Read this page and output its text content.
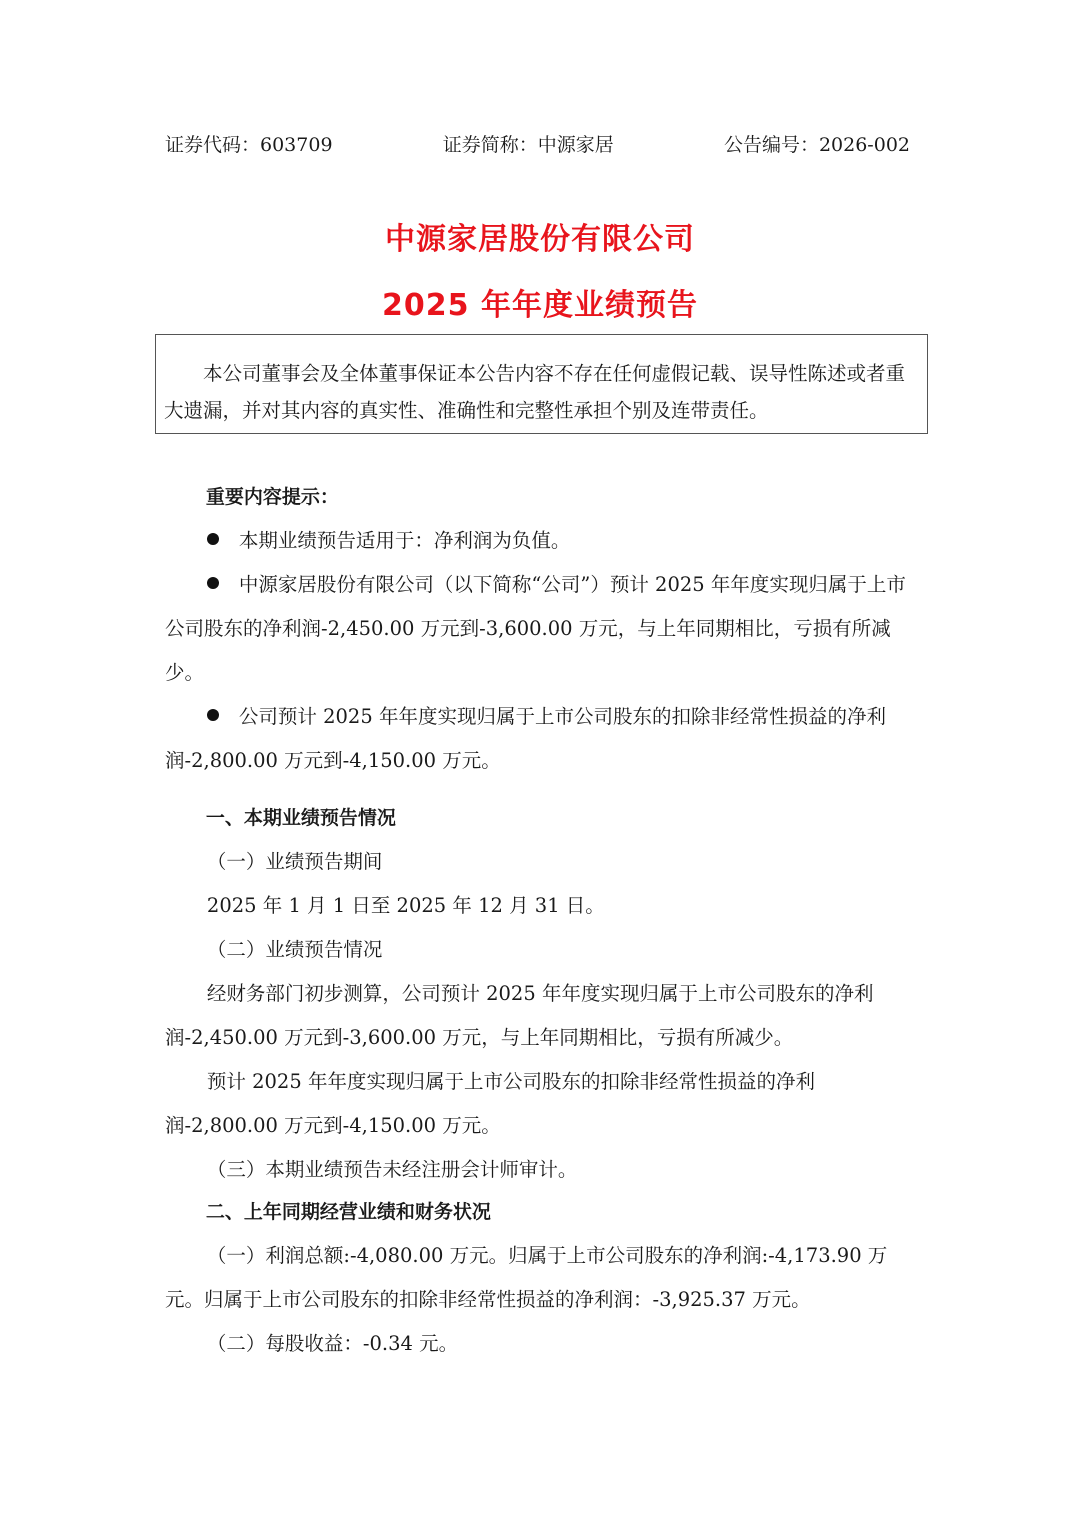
证券代码：603709	证券简称：中源家居	公告编号：2026-002
中源家居股份有限公司
2025 年年度业绩预告

本公司董事会及全体董事保证本公告内容不存在任何虚假记载、误导性陈述或者重大遗漏，并对其内容的真实性、准确性和完整性承担个别及连带责任。

重要内容提示：

本期业绩预告适用于：净利润为负值。

中源家居股份有限公司（以下简称“公司”）预计 2025 年年度实现归属于上市公司股东的净利润-2,450.00 万元到-3,600.00 万元，与上年同期相比，亏损有所减少。

公司预计 2025 年年度实现归属于上市公司股东的扣除非经常性损益的净利润-2,800.00 万元到-4,150.00 万元。

一、本期业绩预告情况

（一）业绩预告期间

2025 年 1 月 1 日至 2025 年 12 月 31 日。

（二）业绩预告情况

经财务部门初步测算，公司预计 2025 年年度实现归属于上市公司股东的净利润-2,450.00 万元到-3,600.00 万元，与上年同期相比，亏损有所减少。

预计 2025 年年度实现归属于上市公司股东的扣除非经常性损益的净利润-2,800.00 万元到-4,150.00 万元。

（三）本期业绩预告未经注册会计师审计。

二、上年同期经营业绩和财务状况

（一）利润总额:-4,080.00 万元。归属于上市公司股东的净利润:-4,173.90 万元。归属于上市公司股东的扣除非经常性损益的净利润：-3,925.37 万元。

（二）每股收益：-0.34 元。
